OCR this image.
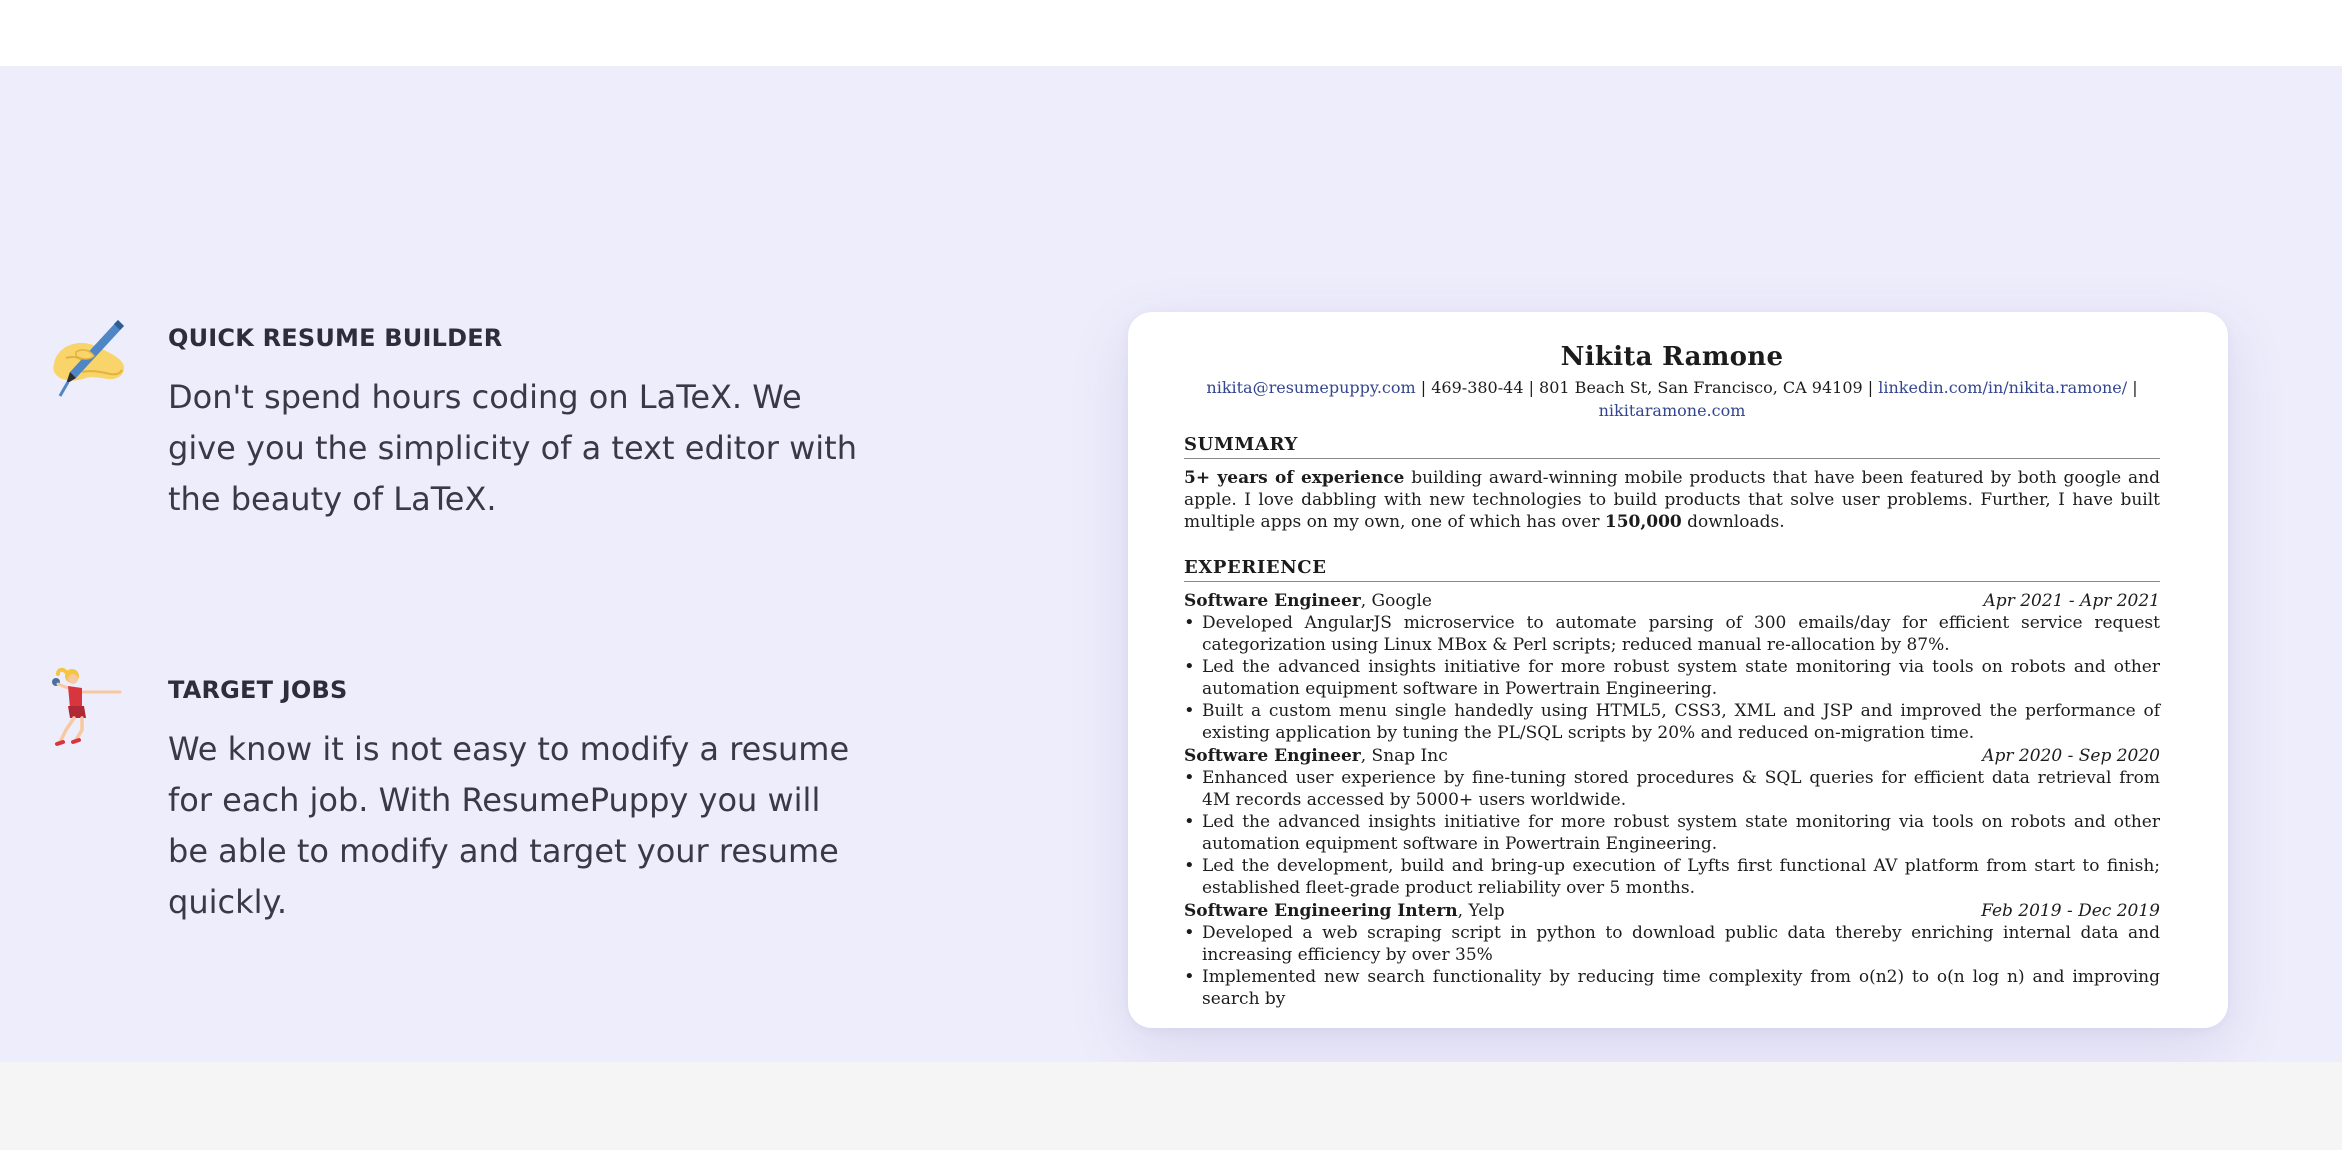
QUICK RESUME BUILDER
Don't spend hours coding on LaTeX. We give you the simplicity of a text editor with the beauty of LaTeX.
TARGET JOBS
We know it is not easy to modify a resume for each job. With ResumePuppy you will be able to modify and target your resume quickly.
Nikita Ramone
nikita@resumepuppy.com | 469-380-44 | 801 Beach St, San Francisco, CA 94109 | linkedin.com/in/nikita.ramone/ | nikitaramone.com
SUMMARY

5+ years of experience building award-winning mobile products that have been featured by both google and apple. I love dabbling with new technologies to build products that solve user problems. Further, I have built multiple apps on my own, one of which has over 150,000 downloads.

EXPERIENCE
Software Engineer, Google	Apr 2021 - Apr 2021
• Developed AngularJS microservice to automate parsing of 300 emails/day for efficient service request categorization using Linux MBox & Perl scripts; reduced manual re-allocation by 87%.
• Led the advanced insights initiative for more robust system state monitoring via tools on robots and other automation equipment software in Powertrain Engineering.
• Built a custom menu single handedly using HTML5, CSS3, XML and JSP and improved the performance of existing application by tuning the PL/SQL scripts by 20% and reduced on-migration time.
Software Engineer, Snap Inc	Apr 2020 - Sep 2020
• Enhanced user experience by fine-tuning stored procedures & SQL queries for efficient data retrieval from 4M records accessed by 5000+ users worldwide.
• Led the advanced insights initiative for more robust system state monitoring via tools on robots and other automation equipment software in Powertrain Engineering.
• Led the development, build and bring-up execution of Lyfts first functional AV platform from start to finish; established fleet-grade product reliability over 5 months.
Software Engineering Intern, Yelp	Feb 2019 - Dec 2019
• Developed a web scraping script in python to download public data thereby enriching internal data and increasing efficiency by over 35%
• Implemented new search functionality by reducing time complexity from o(n2) to o(n log n) and improving search by
